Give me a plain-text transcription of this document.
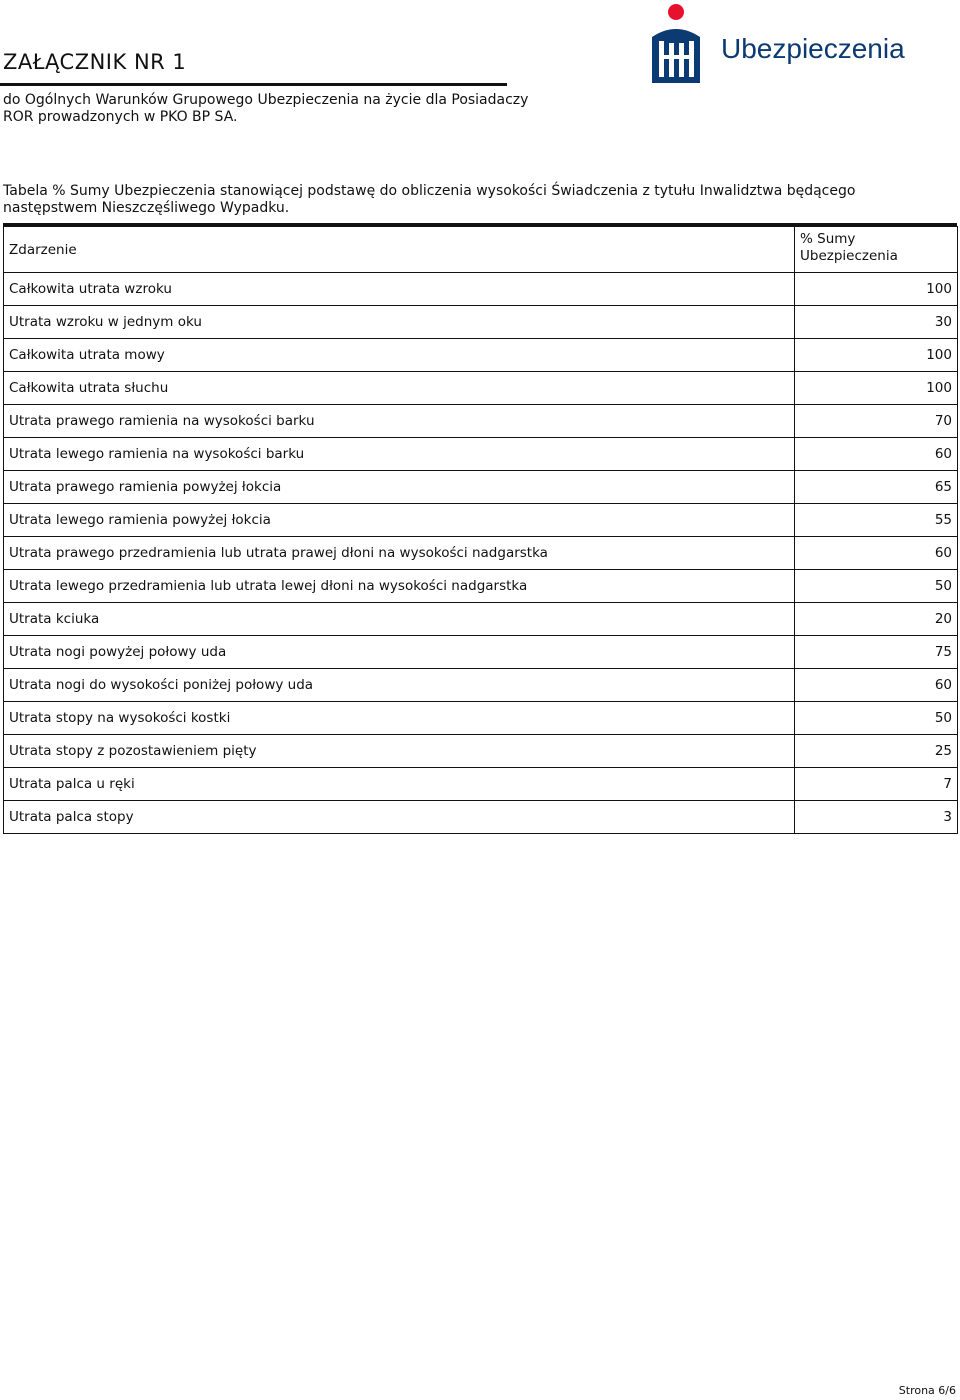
ZAŁĄCZNIK NR 1
do Ogólnych Warunków Grupowego Ubezpieczenia na życie dla Posiadaczy ROR prowadzonych w PKO BP SA.
Ubezpieczenia
Tabela % Sumy Ubezpieczenia stanowiącej podstawę do obliczenia wysokości Świadczenia z tytułu Inwalidztwa będącego następstwem Nieszczęśliwego Wypadku.
Zdarzenie	% Sumy Ubezpieczenia
Całkowita utrata wzroku	100
Utrata wzroku w jednym oku	30
Całkowita utrata mowy	100
Całkowita utrata słuchu	100
Utrata prawego ramienia na wysokości barku	70
Utrata lewego ramienia na wysokości barku	60
Utrata prawego ramienia powyżej łokcia	65
Utrata lewego ramienia powyżej łokcia	55
Utrata prawego przedramienia lub utrata prawej dłoni na wysokości nadgarstka	60
Utrata lewego przedramienia lub utrata lewej dłoni na wysokości nadgarstka	50
Utrata kciuka	20
Utrata nogi powyżej połowy uda	75
Utrata nogi do wysokości poniżej połowy uda	60
Utrata stopy na wysokości kostki	50
Utrata stopy z pozostawieniem pięty	25
Utrata palca u ręki	7
Utrata palca stopy	3
Strona 6/6
